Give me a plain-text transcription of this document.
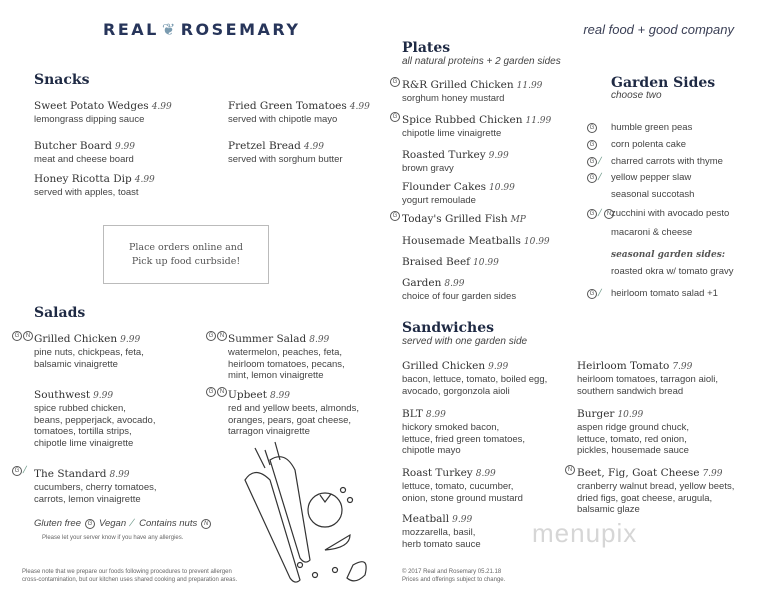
REAL ❦ ROSEMARY	real food + good company
Snacks
Salads
Plates
all natural proteins + 2 garden sides
Garden Sides
choose two
Sandwiches
served with one garden side
Place orders online and
Pick up food curbside!
Gluten free	G Vegan / Contains nuts	N
Please let your server know if you have any allergies.
Please note that we prepare our foods following procedures to prevent allergen
cross-contamination, but our kitchen uses shared cooking and preparation areas.
© 2017 Real and Rosemary 05.21.18
Prices and offerings subject to change.
menupix
Sweet Potato Wedges 4.99
lemongrass dipping sauce
Butcher Board 9.99
meat and cheese board
Honey Ricotta Dip 4.99
served with apples, toast
Fried Green Tomatoes 4.99
served with chipotle mayo
Pretzel Bread 4.99
served with sorghum butter
Grilled Chicken 9.99
pine nuts, chickpeas, feta,
balsamic vinaigrette
G	N
Southwest 9.99
spice rubbed chicken,
beans, pepperjack, avocado,
tomatoes, tortilla strips,
chipotle lime vinaigrette
The Standard 8.99
cucumbers, cherry tomatoes,
carrots, lemon vinaigrette
G /
Summer Salad 8.99
watermelon, peaches, feta,
heirloom tomatoes, pecans,
mint, lemon vinaigrette
G	N
Upbeet 8.99
red and yellow beets, almonds,
oranges, pears, goat cheese,
tarragon vinaigrette
G	N
R&R Grilled Chicken 11.99
sorghum honey mustard
G
Spice Rubbed Chicken 11.99
chipotle lime vinaigrette
G
Roasted Turkey 9.99
brown gravy
Flounder Cakes 10.99
yogurt remoulade
Today's Grilled Fish MP
G
Housemade Meatballs 10.99
Braised Beef 10.99
Garden 8.99
choice of four garden sides
Grilled Chicken 9.99
bacon, lettuce, tomato, boiled egg,
avocado, gorgonzola aioli
BLT 8.99
hickory smoked bacon,
lettuce, fried green tomatoes,
chipotle mayo
Roast Turkey 8.99
lettuce, tomato, cucumber,
onion, stone ground mustard
Meatball 9.99
mozzarella, basil,
herb tomato sauce
Heirloom Tomato 7.99
heirloom tomatoes, tarragon aioli,
southern sandwich bread
Burger 10.99
aspen ridge ground chuck,
lettuce, tomato, red onion,
pickles, housemade sauce
Beet, Fig, Goat Cheese 7.99
cranberry walnut bread, yellow beets,
dried figs, goat cheese, arugula,
balsamic glaze
N
humble green peas
G
corn polenta cake
G
charred carrots with thyme
G /
yellow pepper slaw
G /
seasonal succotash
zucchini with avocado pesto
G / N
macaroni & cheese
seasonal garden sides:
roasted okra w/ tomato gravy
heirloom tomato salad +1
G /
